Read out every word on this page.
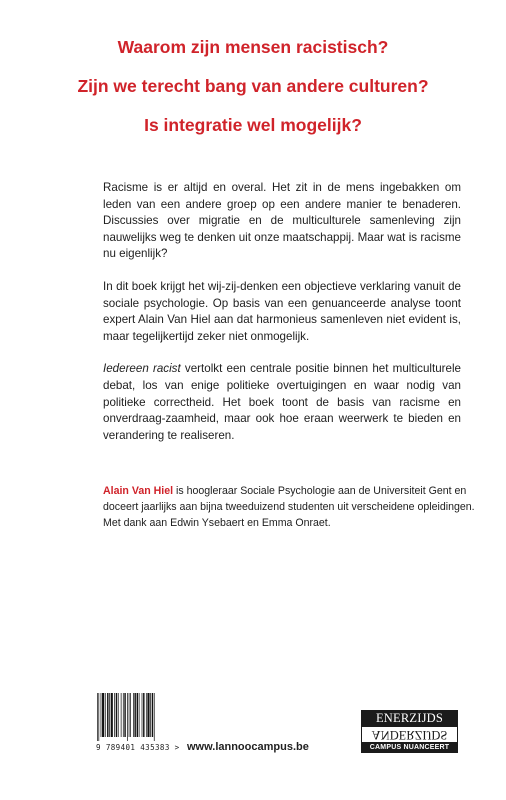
Waarom zijn mensen racistisch?
Zijn we terecht bang van andere culturen?
Is integratie wel mogelijk?

Racisme is er altijd en overal. Het zit in de mens ingebakken om leden van een andere groep op een andere manier te benaderen. Discussies over migratie en de multiculturele samenleving zijn nauwelijks weg te denken uit onze maatschappij. Maar wat is racisme nu eigenlijk?

In dit boek krijgt het wij-zij-denken een objectieve verklaring vanuit de sociale psychologie. Op basis van een genuanceerde analyse toont expert Alain Van Hiel aan dat harmonieus samenleven niet evident is, maar tegelijkertijd zeker niet onmogelijk.

Iedereen racist vertolkt een centrale positie binnen het multiculturele debat, los van enige politieke overtuigingen en waar nodig van politieke correctheid. Het boek toont de basis van racisme en onverdraag-zaamheid, maar ook hoe eraan weerwerk te bieden en verandering te realiseren.

Alain Van Hiel is hoogleraar Sociale Psychologie aan de Universiteit Gent en doceert jaarlijks aan bijna tweeduizend studenten uit verscheidene opleidingen.

Met dank aan Edwin Ysebaert en Emma Onraet.

9 789401 435383 > www.lannoocampus.be
ENERZIJDS
ANDERZIJDS
CAMPUS NUANCEERT
